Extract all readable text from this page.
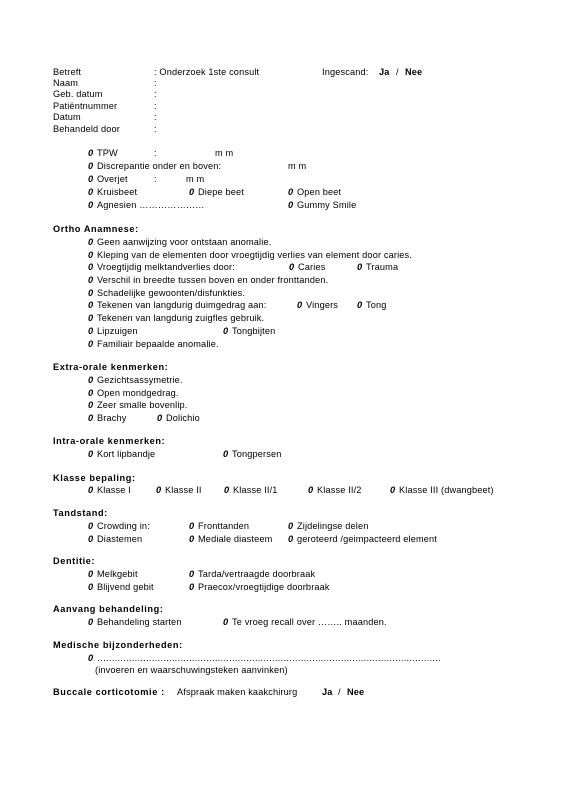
Betreft	: Onderzoek 1ste consult	Ingescand: Ja / Nee
Naam	:
Geb. datum	:
Patiëntnummer	:
Datum	:
Behandeld door	:
0 TPW	:	m m
0 Discrepantie onder en boven:	m m
0 Overjet	:	m m
0 Kruisbeet	0 Diepe beet	0 Open beet
0 Agnesien …………………	0 Gummy Smile
Ortho Anamnese:
0 Geen aanwijzing voor ontstaan anomalie.
0 Kleping van de elementen door vroegtijdig verlies van element door caries.
0 Vroegtijdig melktandverlies door:	0 Caries	0 Trauma
0 Verschil in breedte tussen boven en onder fronttanden.
0 Schadelijke gewoonten/disfunkties.
0 Tekenen van langdurig duimgedrag aan:	0 Vingers 0 Tong
0 Tekenen van langdurig zuigfles gebruik.
0 Lipzuigen	0 Tongbijten
0 Familiair bepaalde anomalie.
Extra-orale kenmerken:
0 Gezichtsassymetrie.
0 Open mondgedrag.
0 Zeer smalle bovenlip.
0 Brachy	0 Dolichio
Intra-orale kenmerken:
0 Kort lipbandje	0 Tongpersen
Klasse bepaling:
0 Klasse I	0 Klasse II 0 Klasse II/1	0 Klasse II/2	0 Klasse III (dwangbeet)
Tandstand:
0 Crowding in:	0 Fronttanden	0 Zijdelingse delen
0 Diastemen	0 Mediale diasteem 0 geroteerd /geimpacteerd element
Dentitie:
0 Melkgebit	0 Tarda/vertraagde doorbraak
0 Blijvend gebit	0 Praecox/vroegtijdige doorbraak
Aanvang behandeling:
0 Behandeling starten	0 Te vroeg recall over …….. maanden.
Medische bijzonderheden:
0 …………………………………………………………………………………………………………
(invoeren en waarschuwingsteken aanvinken)
Buccale corticotomie : Afspraak maken kaakchirurg	Ja / Nee
